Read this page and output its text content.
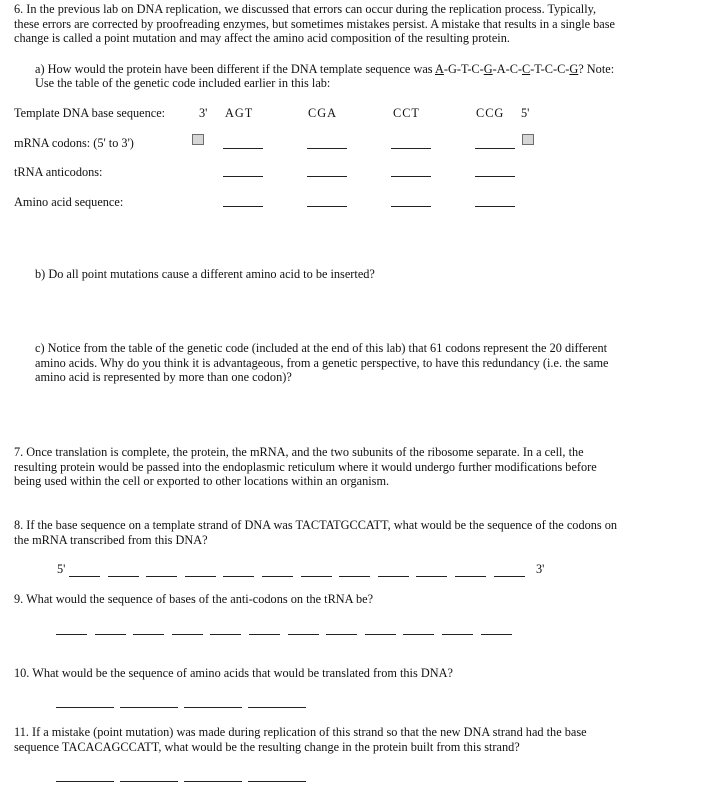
6. In the previous lab on DNA replication, we discussed that errors can occur during the replication process. Typically,

these errors are corrected by proofreading enzymes, but sometimes mistakes persist. A mistake that results in a single base

change is called a point mutation and may affect the amino acid composition of the resulting protein.

a) How would the protein have been different if the DNA template sequence was A-G-T-C-G-A-C-C-T-C-C-G? Note:

Use the table of the genetic code included earlier in this lab:

Template DNA base sequence:	3' AGT	CGA	CCT	CCG 5'
mRNA codons: (5' to 3')
tRNA anticodons:
Amino acid sequence:

b) Do all point mutations cause a different amino acid to be inserted?

c) Notice from the table of the genetic code (included at the end of this lab) that 61 codons represent the 20 different

amino acids. Why do you think it is advantageous, from a genetic perspective, to have this redundancy (i.e. the same

amino acid is represented by more than one codon)?

7. Once translation is complete, the protein, the mRNA, and the two subunits of the ribosome separate. In a cell, the

resulting protein would be passed into the endoplasmic reticulum where it would undergo further modifications before

being used within the cell or exported to other locations within an organism.

8. If the base sequence on a template strand of DNA was TACTATGCCATT, what would be the sequence of the codons on

the mRNA transcribed from this DNA?

5'	3'

9. What would the sequence of bases of the anti-codons on the tRNA be?

10. What would be the sequence of amino acids that would be translated from this DNA?

11. If a mistake (point mutation) was made during replication of this strand so that the new DNA strand had the base

sequence TACACAGCCATT, what would be the resulting change in the protein built from this strand?
